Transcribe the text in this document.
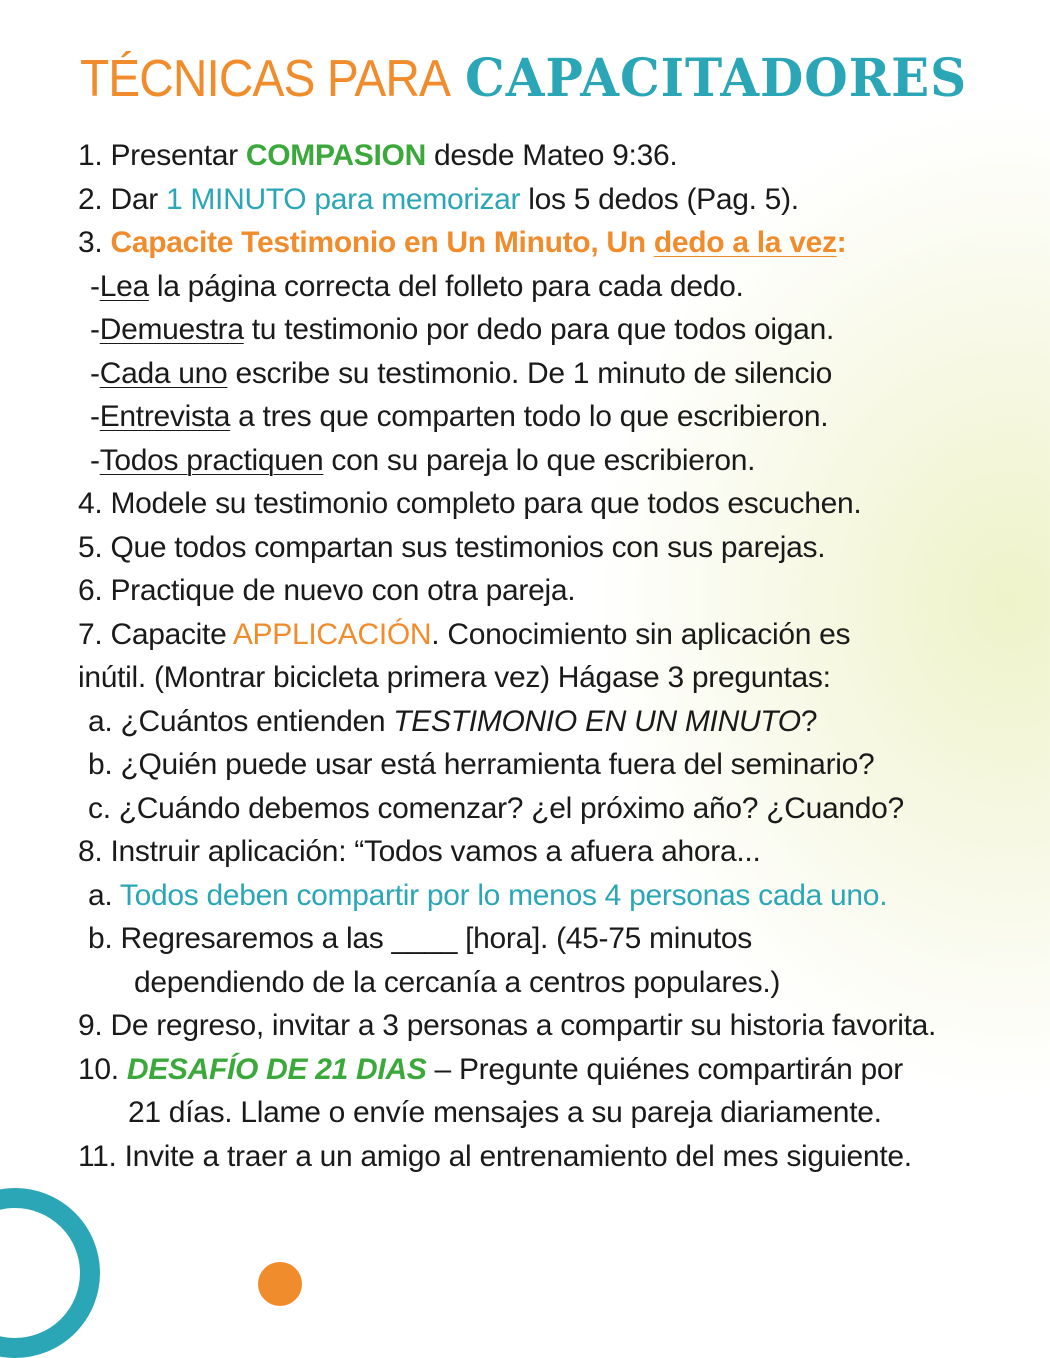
TÉCNICAS PARA CAPACITADORES
1. Presentar COMPASION desde Mateo 9:36.
2. Dar 1 MINUTO para memorizar los 5 dedos (Pag. 5).
3. Capacite Testimonio en Un Minuto, Un dedo a la vez:
-Lea la página correcta del folleto para cada dedo.
-Demuestra tu testimonio por dedo para que todos oigan.
-Cada uno escribe su testimonio. De 1 minuto de silencio
-Entrevista a tres que comparten todo lo que escribieron.
-Todos practiquen con su pareja lo que escribieron.
4. Modele su testimonio completo para que todos escuchen.
5. Que todos compartan sus testimonios con sus parejas.
6. Practique de nuevo con otra pareja.
7. Capacite APPLICACIÓN. Conocimiento sin aplicación es
inútil. (Montrar bicicleta primera vez) Hágase 3 preguntas:
a. ¿Cuántos entienden TESTIMONIO EN UN MINUTO?
b. ¿Quién puede usar está herramienta fuera del seminario?
c. ¿Cuándo debemos comenzar? ¿el próximo año? ¿Cuando?
8. Instruir aplicación: “Todos vamos a afuera ahora...
a. Todos deben compartir por lo menos 4 personas cada uno.
b. Regresaremos a las ____ [hora]. (45-75 minutos
dependiendo de la cercanía a centros populares.)
9. De regreso, invitar a 3 personas a compartir su historia favorita.
10. DESAFÍO DE 21 DIAS – Pregunte quiénes compartirán por
21 días. Llame o envíe mensajes a su pareja diariamente.
11. Invite a traer a un amigo al entrenamiento del mes siguiente.
